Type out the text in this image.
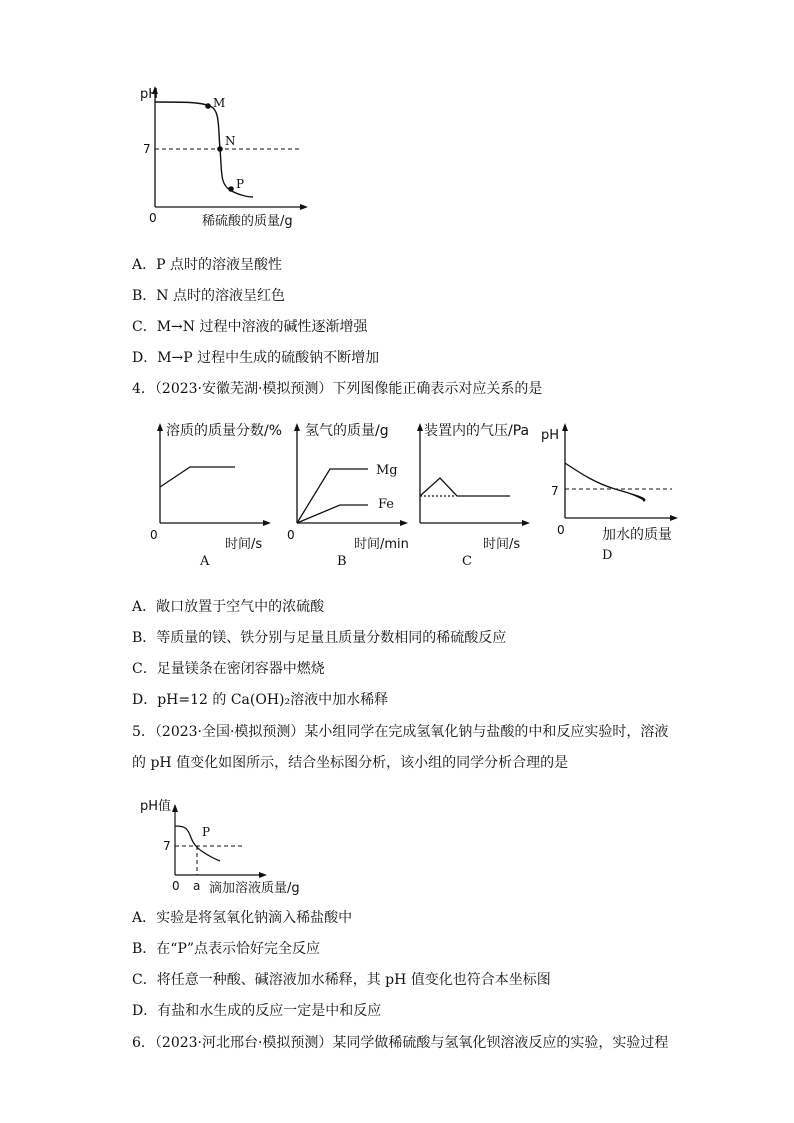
pH
7
0
M
N
P
稀硫酸的质量/g
A．P 点时的溶液呈酸性
B．N 点时的溶液呈红色
C．M→N 过程中溶液的碱性逐渐增强
D．M→P 过程中生成的硫酸钠不断增加
4．（2023·安徽芜湖·模拟预测）下列图像能正确表示对应关系的是
溶质的质量分数/%
0
时间/s
A
氢气的质量/g
Mg
Fe
0
时间/min
B
装置内的气压/Pa
时间/s
C
pH
7
0	加水的质量
D
A．敞口放置于空气中的浓硫酸
B．等质量的镁、铁分别与足量且质量分数相同的稀硫酸反应
C．足量镁条在密闭容器中燃烧
D．pH=12 的 Ca(OH)₂溶液中加水稀释
5．（2023·全国·模拟预测）某小组同学在完成氢氧化钠与盐酸的中和反应实验时，溶液
的 pH 值变化如图所示，结合坐标图分析，该小组的同学分析合理的是
pH值
7
P
0 a 滴加溶液质量/g
A．实验是将氢氧化钠滴入稀盐酸中
B．在“P”点表示恰好完全反应
C．将任意一种酸、碱溶液加水稀释，其 pH 值变化也符合本坐标图
D．有盐和水生成的反应一定是中和反应
6．（2023·河北邢台·模拟预测）某同学做稀硫酸与氢氧化钡溶液反应的实验，实验过程
